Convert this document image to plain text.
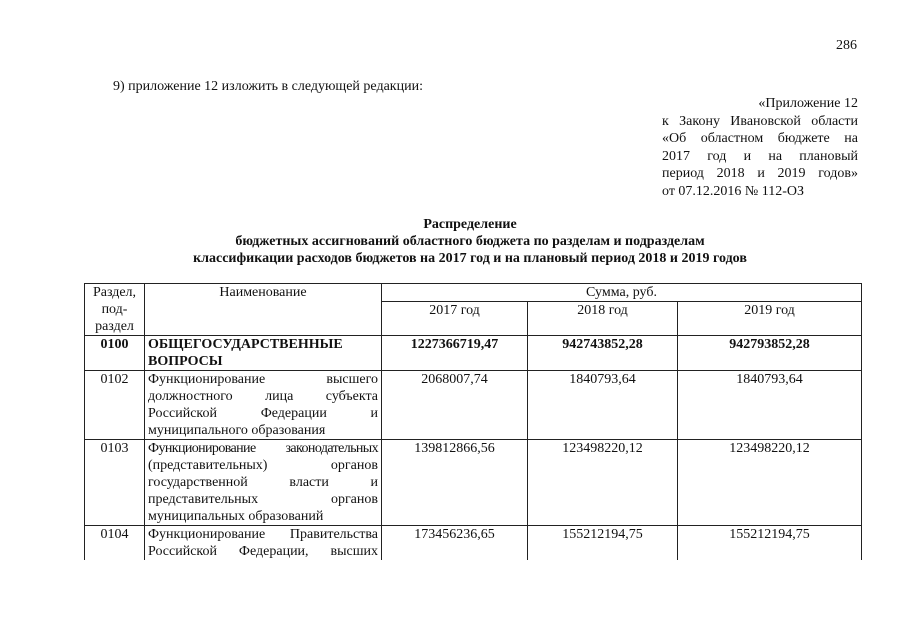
286
9) приложение 12 изложить в следующей редакции:
«Приложение 12
к Закону Ивановской области
«Об областном бюджете на
2017 год и на плановый
период 2018 и 2019 годов»
от 07.12.2016 № 112-ОЗ
Распределение
бюджетных ассигнований областного бюджета по разделам и подразделам
классификации расходов бюджетов на 2017 год и на плановый период 2018 и 2019 годов
Раздел,
под-
раздел	Наименование	Сумма, руб.		
		2017 год	2018 год	2019 год
0100	ОБЩЕГОСУДАРСТВЕННЫЕ
ВОПРОСЫ	1227366719,47	942743852,28	942793852,28
0102	Функционирование высшего
должностного лица субъекта
Российской Федерации и
муниципального образования	2068007,74	1840793,64	1840793,64
0103	Функционирование законодательных
(представительных) органов
государственной власти и
представительных органов
муниципальных образований	139812866,56	123498220,12	123498220,12
0104	Функционирование Правительства
Российской Федерации, высших	173456236,65	155212194,75	155212194,75
